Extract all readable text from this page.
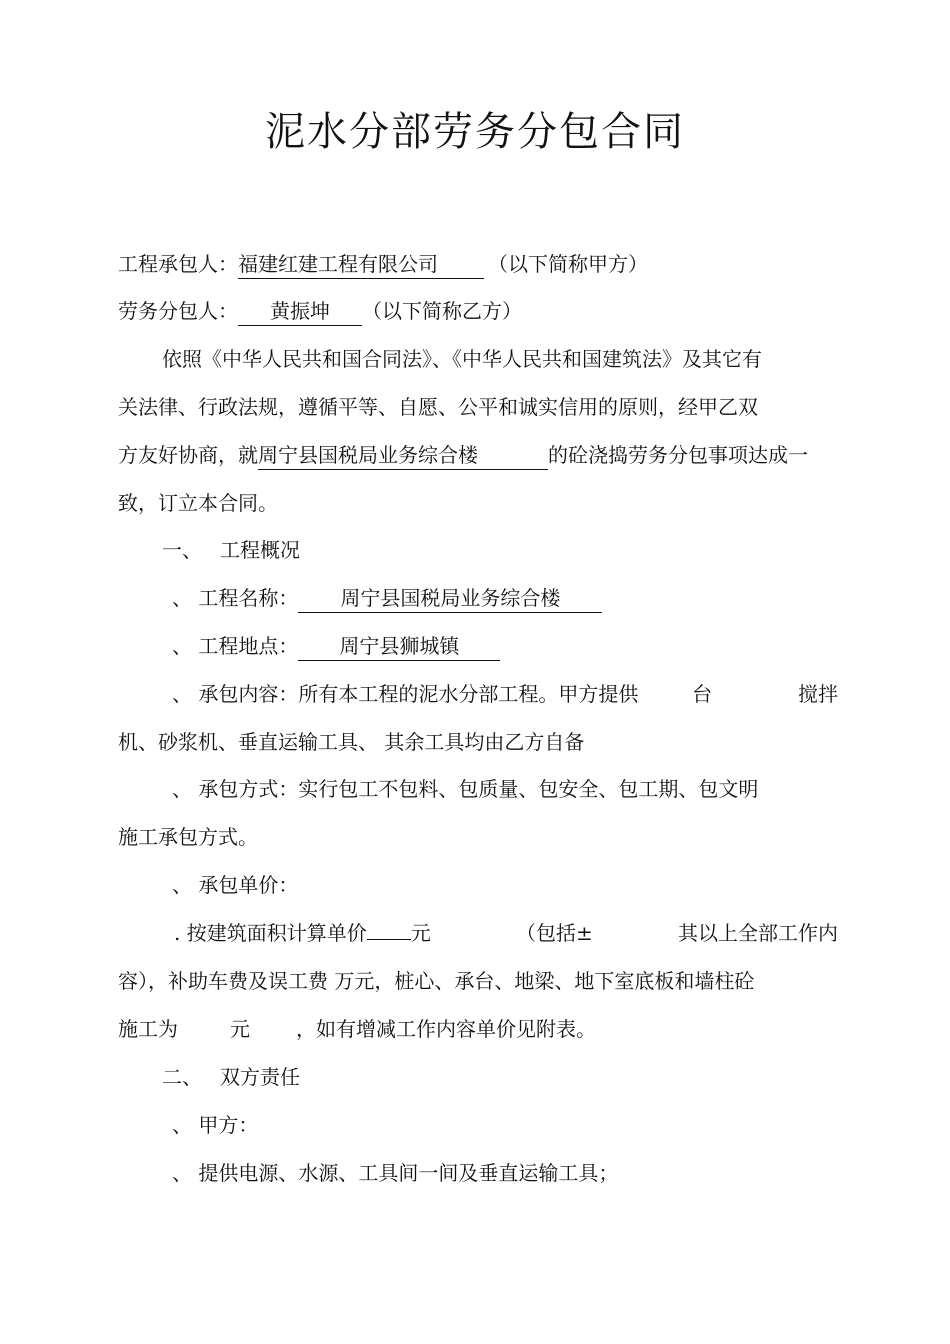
泥水分部劳务分包合同
工程承包人：福建红建工程有限公司	（以下简称甲方）
劳务分包人： 黄振坤 （以下简称乙方）
依照《中华人民共和国合同法》、《中华人民共和国建筑法》及其它有
关法律、行政法规，遵循平等、自愿、公平和诚实信用的原则，经甲乙双
方友好协商，就周宁县国税局业务综合楼	的砼浇捣劳务分包事项达成一
致，订立本合同。
一、 工程概况
、 工程名称： 周宁县国税局业务综合楼
、 工程地点： 周宁县狮城镇
、 承包内容：所有本工程的泥水分部工程。甲方提供	台	搅拌
机、砂浆机、垂直运输工具、 其余工具均由乙方自备
、 承包方式：实行包工不包料、包质量、包安全、包工期、包文明
施工承包方式。
、 承包单价：
. 按建筑面积计算单价 元	（包括±	其以上全部工作内
容），补助车费及误工费 万元，桩心、承台、地梁、地下室底板和墙柱砼
施工为	元 ，如有增减工作内容单价见附表。
二、 双方责任
、 甲方：
、 提供电源、水源、工具间一间及垂直运输工具；
